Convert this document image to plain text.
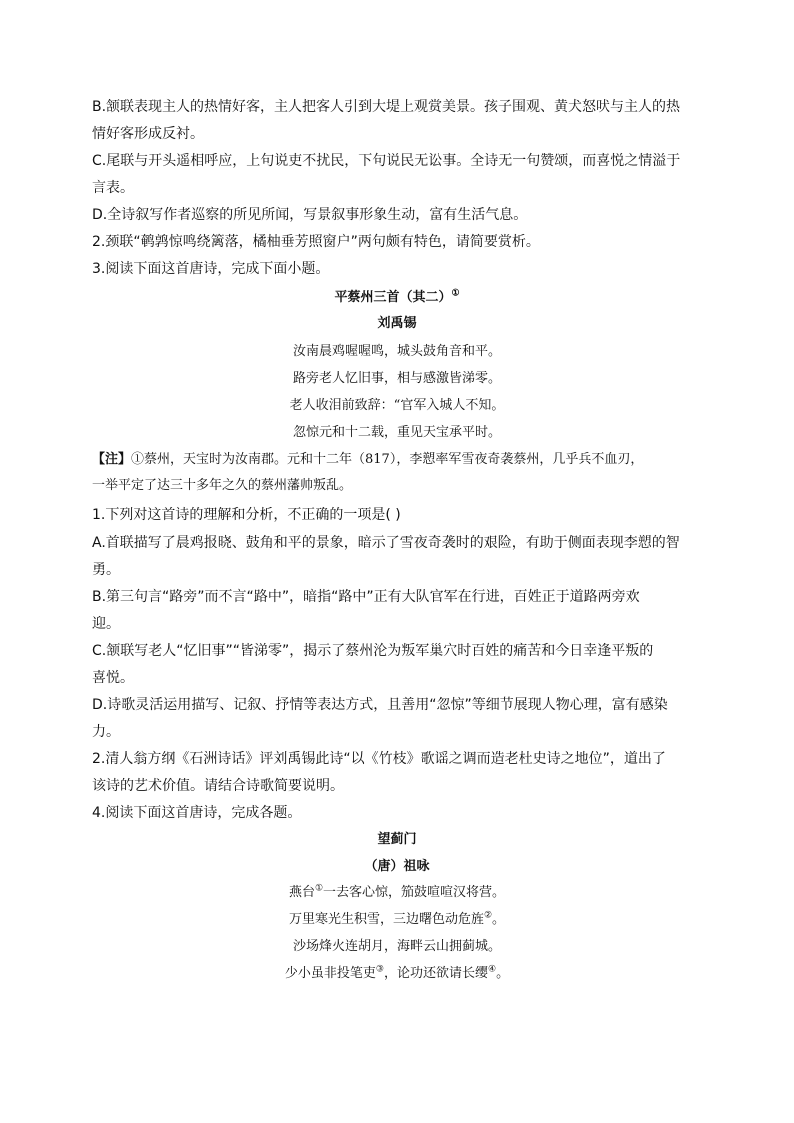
B.颔联表现主人的热情好客，主人把客人引到大堤上观赏美景。孩子围观、黄犬怒吠与主人的热
情好客形成反衬。
C.尾联与开头遥相呼应，上句说吏不扰民，下句说民无讼事。全诗无一句赞颂，而喜悦之情溢于
言表。
D.全诗叙写作者巡察的所见所闻，写景叙事形象生动，富有生活气息。
2.颈联“鹌鹑惊鸣绕篱落，橘柚垂芳照窗户”两句颇有特色，请简要赏析。
3.阅读下面这首唐诗，完成下面小题。
平蔡州三首（其二）①
刘禹锡
汝南晨鸡喔喔鸣，城头鼓角音和平。
路旁老人忆旧事，相与感激皆涕零。
老人收泪前致辞：“官军入城人不知。
忽惊元和十二载，重见天宝承平时。
【注】①蔡州，天宝时为汝南郡。元和十二年（817），李愬率军雪夜奇袭蔡州，几乎兵不血刃，
一举平定了达三十多年之久的蔡州藩帅叛乱。
1.下列对这首诗的理解和分析，不正确的一项是( )
A.首联描写了晨鸡报晓、鼓角和平的景象，暗示了雪夜奇袭时的艰险，有助于侧面表现李愬的智
勇。
B.第三句言“路旁”而不言“路中”，暗指“路中”正有大队官军在行进，百姓正于道路两旁欢
迎。
C.颔联写老人“忆旧事”“皆涕零”，揭示了蔡州沦为叛军巢穴时百姓的痛苦和今日幸逢平叛的
喜悦。
D.诗歌灵活运用描写、记叙、抒情等表达方式，且善用“忽惊”等细节展现人物心理，富有感染
力。
2.清人翁方纲《石洲诗话》评刘禹锡此诗“以《竹枝》歌谣之调而造老杜史诗之地位”，道出了
该诗的艺术价值。请结合诗歌简要说明。
4.阅读下面这首唐诗，完成各题。
望蓟门
（唐）祖咏
燕台①一去客心惊，笳鼓喧喧汉将营。
万里寒光生积雪，三边曙色动危旌②。
沙场烽火连胡月，海畔云山拥蓟城。
少小虽非投笔吏③，论功还欲请长缨④。
